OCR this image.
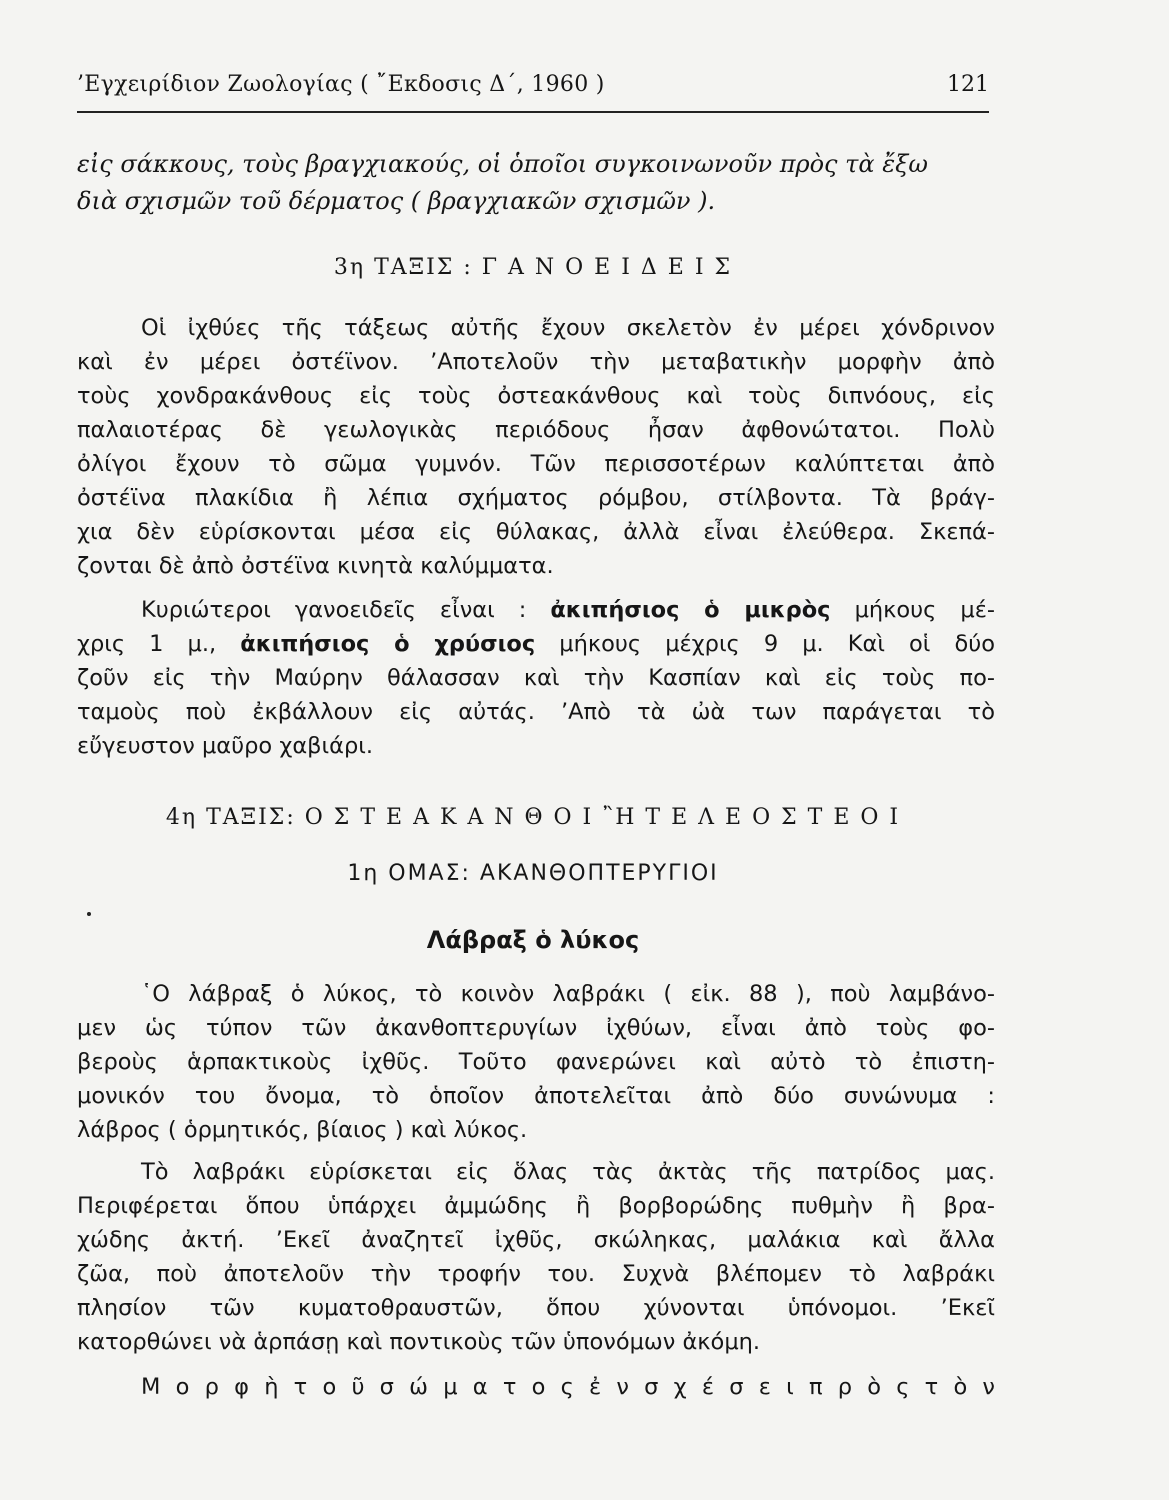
’Εγχειρίδιον Ζωολογίας ( ῎Εκδοσις Δ΄, 1960 )	121
εἰς σάκκους, τοὺς βραγχιακούς, οἱ ὁποῖοι συγκοινωνοῦν πρὸς τὰ ἔξω
διὰ σχισμῶν τοῦ δέρματος ( βραγχιακῶν σχισμῶν ).
3η ΤΑΞΙΣ : Γ Α Ν Ο Ε Ι Δ Ε Ι Σ
Οἱ ἰχθύες τῆς τάξεως αὐτῆς ἔχουν σκελετὸν ἐν μέρει χόνδρινον
καὶ ἐν μέρει ὀστέϊνον. ’Αποτελοῦν τὴν μεταβατικὴν μορφὴν ἀπὸ
τοὺς χονδρακάνθους εἰς τοὺς ὀστεακάνθους καὶ τοὺς διπνόους, εἰς
παλαιοτέρας δὲ γεωλογικὰς περιόδους ἦσαν ἀφθονώτατοι. Πολὺ
ὀλίγοι ἔχουν τὸ σῶμα γυμνόν. Τῶν περισσοτέρων καλύπτεται ἀπὸ
ὀστέϊνα πλακίδια ἢ λέπια σχήματος ρόμβου, στίλβοντα. Τὰ βράγ-
χια δὲν εὑρίσκονται μέσα εἰς θύλακας, ἀλλὰ εἶναι ἐλεύθερα. Σκεπά-
ζονται δὲ ἀπὸ ὀστέϊνα κινητὰ καλύμματα.
Κυριώτεροι γανοειδεῖς εἶναι : ἀκιπήσιος ὁ μικρὸς μήκους μέ-
χρις 1 μ., ἀκιπήσιος ὁ χρύσιος μήκους μέχρις 9 μ. Καὶ οἱ δύο
ζοῦν εἰς τὴν Μαύρην θάλασσαν καὶ τὴν Κασπίαν καὶ εἰς τοὺς πο-
ταμοὺς ποὺ ἐκβάλλουν εἰς αὐτάς. ’Απὸ τὰ ὠὰ των παράγεται τὸ
εὔγευστον μαῦρο χαβιάρι.
4η ΤΑΞΙΣ: Ο Σ Τ Ε Α Κ Α Ν Θ Ο Ι ῍Η Τ Ε Λ Ε Ο Σ Τ Ε Ο Ι
1η ΟΜΑΣ: ΑΚΑΝΘΟΠΤΕΡΥΓΙΟΙ
Λάβραξ ὁ λύκος
῾Ο λάβραξ ὁ λύκος, τὸ κοινὸν λαβράκι ( εἰκ. 88 ), ποὺ λαμβάνο-
μεν ὡς τύπον τῶν ἀκανθοπτερυγίων ἰχθύων, εἶναι ἀπὸ τοὺς φο-
βεροὺς ἁρπακτικοὺς ἰχθῦς. Τοῦτο φανερώνει καὶ αὐτὸ τὸ ἐπιστη-
μονικόν του ὄνομα, τὸ ὁποῖον ἀποτελεῖται ἀπὸ δύο συνώνυμα :
λάβρος ( ὁρμητικός, βίαιος ) καὶ λύκος.
Τὸ λαβράκι εὑρίσκεται εἰς ὅλας τὰς ἀκτὰς τῆς πατρίδος μας.
Περιφέρεται ὅπου ὑπάρχει ἀμμώδης ἢ βορβορώδης πυθμὴν ἢ βρα-
χώδης ἀκτή. ’Εκεῖ ἀναζητεῖ ἰχθῦς, σκώληκας, μαλάκια καὶ ἄλλα
ζῶα, ποὺ ἀποτελοῦν τὴν τροφήν του. Συχνὰ βλέπομεν τὸ λαβράκι
πλησίον τῶν κυματοθραυστῶν, ὅπου χύνονται ὑπόνομοι. ’Εκεῖ
κατορθώνει νὰ ἁρπάσῃ καὶ ποντικοὺς τῶν ὑπονόμων ἀκόμη.
Μ ο ρ φ ὴ τ ο ῦ σ ώ μ α τ ο ς ἐ ν σ χ έ σ ε ι π ρ ὸ ς τ ὸ ν
